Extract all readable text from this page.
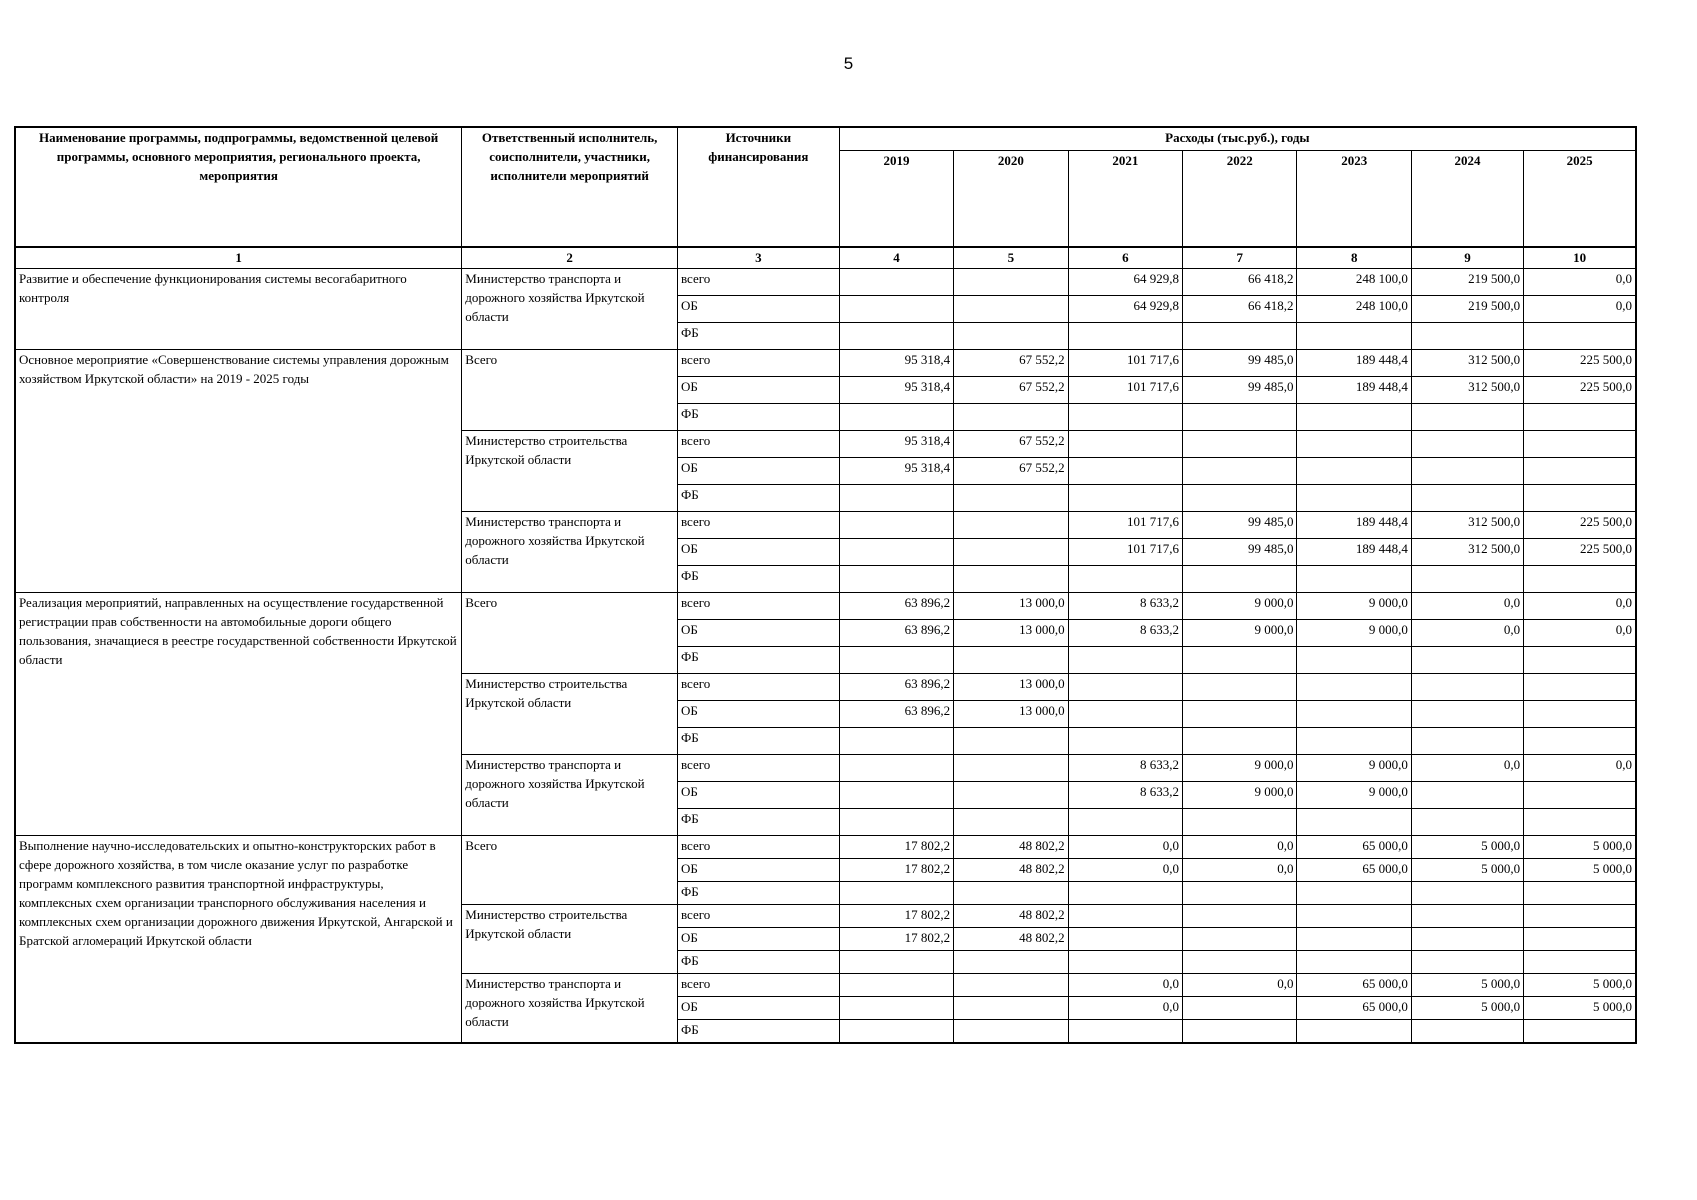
5
Наименование программы, подпрограммы, ведомственной целевой программы, основного мероприятия, регионального проекта, мероприятия	Ответственный исполнитель, соисполнители, участники, исполнители мероприятий	Источники финансирования	Расходы (тыс.руб.), годы						
			2019	2020	2021	2022	2023	2024	2025
1	2	3	4	5	6	7	8	9	10
Развитие и обеспечение функционирования системы весогабаритного контроля	Министерство транспорта и дорожного хозяйства Иркутской области	всего			64 929,8	66 418,2	248 100,0	219 500,0	0,0
		ОБ			64 929,8	66 418,2	248 100,0	219 500,0	0,0
		ФБ							
Основное мероприятие «Совершенствование системы управления дорожным хозяйством Иркутской области» на 2019 - 2025 годы	Всего	всего	95 318,4	67 552,2	101 717,6	99 485,0	189 448,4	312 500,0	225 500,0
		ОБ	95 318,4	67 552,2	101 717,6	99 485,0	189 448,4	312 500,0	225 500,0
		ФБ							
	Министерство строительства Иркутской области	всего	95 318,4	67 552,2					
		ОБ	95 318,4	67 552,2					
		ФБ							
	Министерство транспорта и дорожного хозяйства Иркутской области	всего			101 717,6	99 485,0	189 448,4	312 500,0	225 500,0
		ОБ			101 717,6	99 485,0	189 448,4	312 500,0	225 500,0
		ФБ							
Реализация мероприятий, направленных на осуществление государственной регистрации прав собственности на автомобильные дороги общего пользования, значащиеся в реестре государственной собственности Иркутской области	Всего	всего	63 896,2	13 000,0	8 633,2	9 000,0	9 000,0	0,0	0,0
		ОБ	63 896,2	13 000,0	8 633,2	9 000,0	9 000,0	0,0	0,0
		ФБ							
	Министерство строительства Иркутской области	всего	63 896,2	13 000,0					
		ОБ	63 896,2	13 000,0					
		ФБ							
	Министерство транспорта и дорожного хозяйства Иркутской области	всего			8 633,2	9 000,0	9 000,0	0,0	0,0
		ОБ			8 633,2	9 000,0	9 000,0		
		ФБ							
Выполнение научно-исследовательских и опытно-конструкторских работ в сфере дорожного хозяйства, в том числе оказание услуг по разработке программ комплексного развития транспортной инфраструктуры, комплексных схем организации транспорного обслуживания населения и комплексных схем организации дорожного движения Иркутской, Ангарской и Братской агломераций Иркутской области	Всего	всего	17 802,2	48 802,2	0,0	0,0	65 000,0	5 000,0	5 000,0
		ОБ	17 802,2	48 802,2	0,0	0,0	65 000,0	5 000,0	5 000,0
		ФБ							
	Министерство строительства Иркутской области	всего	17 802,2	48 802,2					
		ОБ	17 802,2	48 802,2					
		ФБ							
	Министерство транспорта и дорожного хозяйства Иркутской области	всего			0,0	0,0	65 000,0	5 000,0	5 000,0
		ОБ			0,0		65 000,0	5 000,0	5 000,0
		ФБ							
